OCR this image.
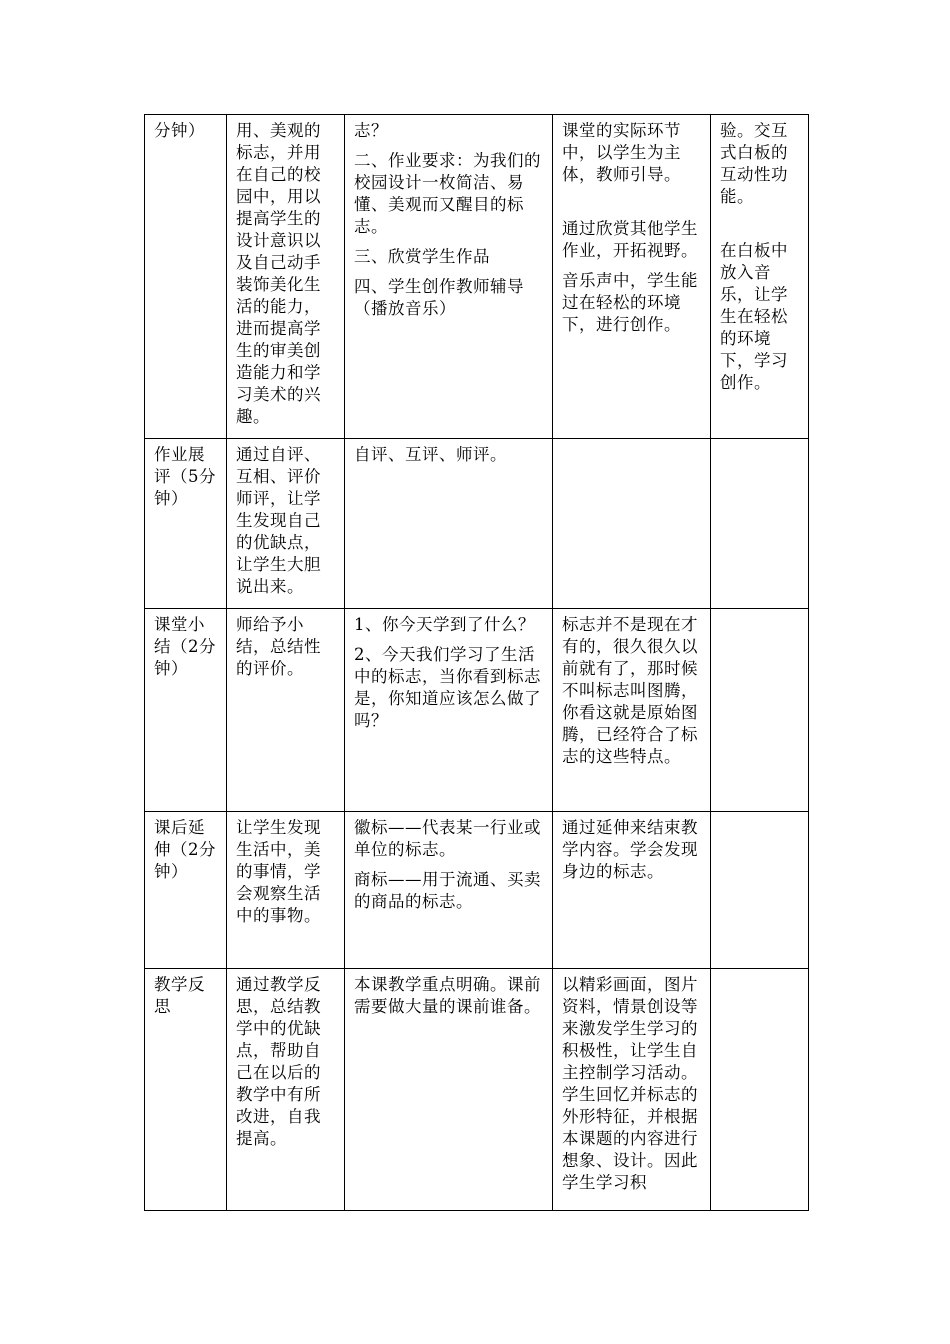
分钟）	用、美观的标志，并用在自己的校园中，用以提高学生的设计意识以及自己动手装饰美化生活的能力，进而提高学生的审美创造能力和学习美术的兴趣。	志？
二、作业要求：为我们的校园设计一枚简洁、易懂、美观而又醒目的标志。
三、欣赏学生作品
四、学生创作教师辅导（播放音乐）	课堂的实际环节中，以学生为主体，教师引导。
通过欣赏其他学生作业，开拓视野。
音乐声中，学生能过在轻松的环境下，进行创作。	验。交互式白板的互动性功能。
在白板中放入音乐，让学生在轻松的环境下，学习创作。

作业展评（5分钟）	通过自评、互相、评价师评，让学生发现自己的优缺点，让学生大胆说出来。	自评、互评、师评。		

课堂小结（2分钟）	师给予小结，总结性的评价。	1、你今天学到了什么？
2、今天我们学习了生活中的标志，当你看到标志是，你知道应该怎么做了吗？	标志并不是现在才有的，很久很久以前就有了，那时候不叫标志叫图腾，你看这就是原始图腾，已经符合了标志的这些特点。	

课后延伸（2分钟）	让学生发现生活中，美的事情，学会观察生活中的事物。	徽标——代表某一行业或单位的标志。
商标——用于流通、买卖的商品的标志。	通过延伸来结束教学内容。学会发现身边的标志。	

教学反思	通过教学反思，总结教学中的优缺点，帮助自己在以后的教学中有所改进，自我提高。	本课教学重点明确。课前需要做大量的课前谁备。	以精彩画面，图片资料，情景创设等来激发学生学习的积极性，让学生自主控制学习活动。学生回忆并标志的外形特征，并根据本课题的内容进行想象、设计。因此学生学习积	
